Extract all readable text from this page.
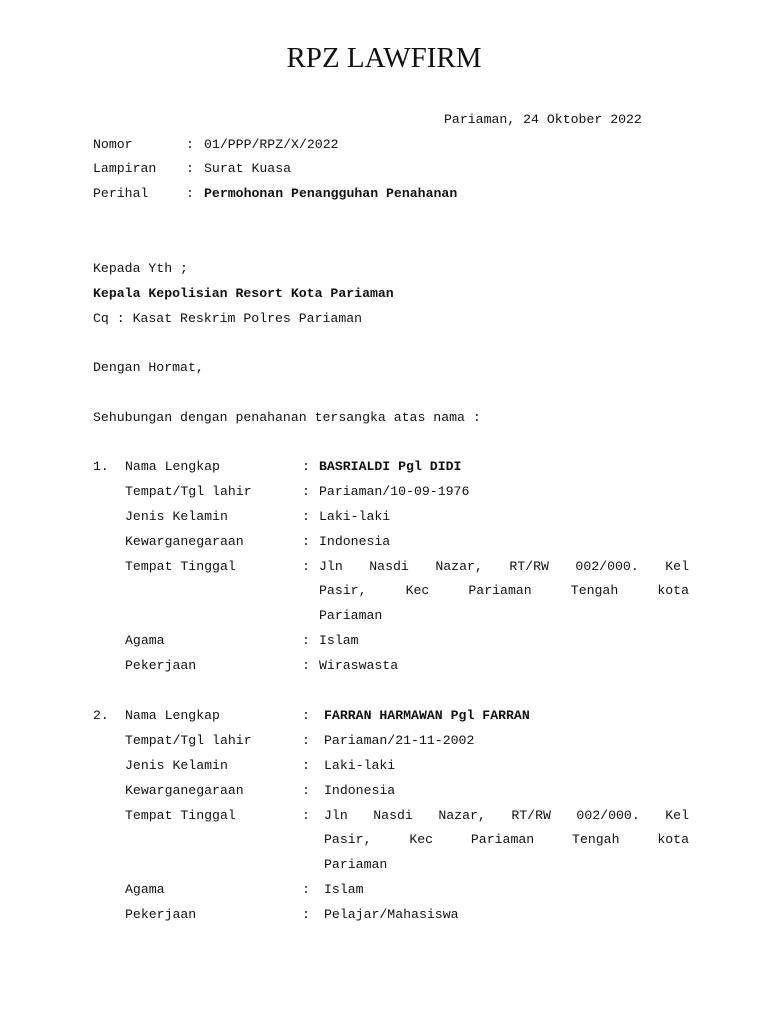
RPZ LAWFIRM
Pariaman, 24 Oktober 2022
Nomor	: 01/PPP/RPZ/X/2022
Lampiran : Surat Kuasa
Perihal	: Permohonan Penangguhan Penahanan
Kepada Yth ;
Kepala Kepolisian Resort Kota Pariaman
Cq : Kasat Reskrim Polres Pariaman
Dengan Hormat,
Sehubungan dengan penahanan tersangka atas nama :
1. Nama Lengkap	: BASRIALDI Pgl DIDI
Tempat/Tgl lahir	: Pariaman/10-09-1976
Jenis Kelamin	: Laki-laki
Kewarganegaraan	: Indonesia
Tempat Tinggal	: Jln Nasdi Nazar, RT/RW 002/000. Kel
Pasir, Kec Pariaman Tengah kota
Pariaman
Agama	: Islam
Pekerjaan	: Wiraswasta
2. Nama Lengkap	: FARRAN HARMAWAN Pgl FARRAN
Tempat/Tgl lahir	: Pariaman/21-11-2002
Jenis Kelamin	: Laki-laki
Kewarganegaraan	: Indonesia
Tempat Tinggal	: Jln Nasdi Nazar, RT/RW 002/000. Kel
Pasir, Kec Pariaman Tengah kota
Pariaman
Agama	: Islam
Pekerjaan	: Pelajar/Mahasiswa
